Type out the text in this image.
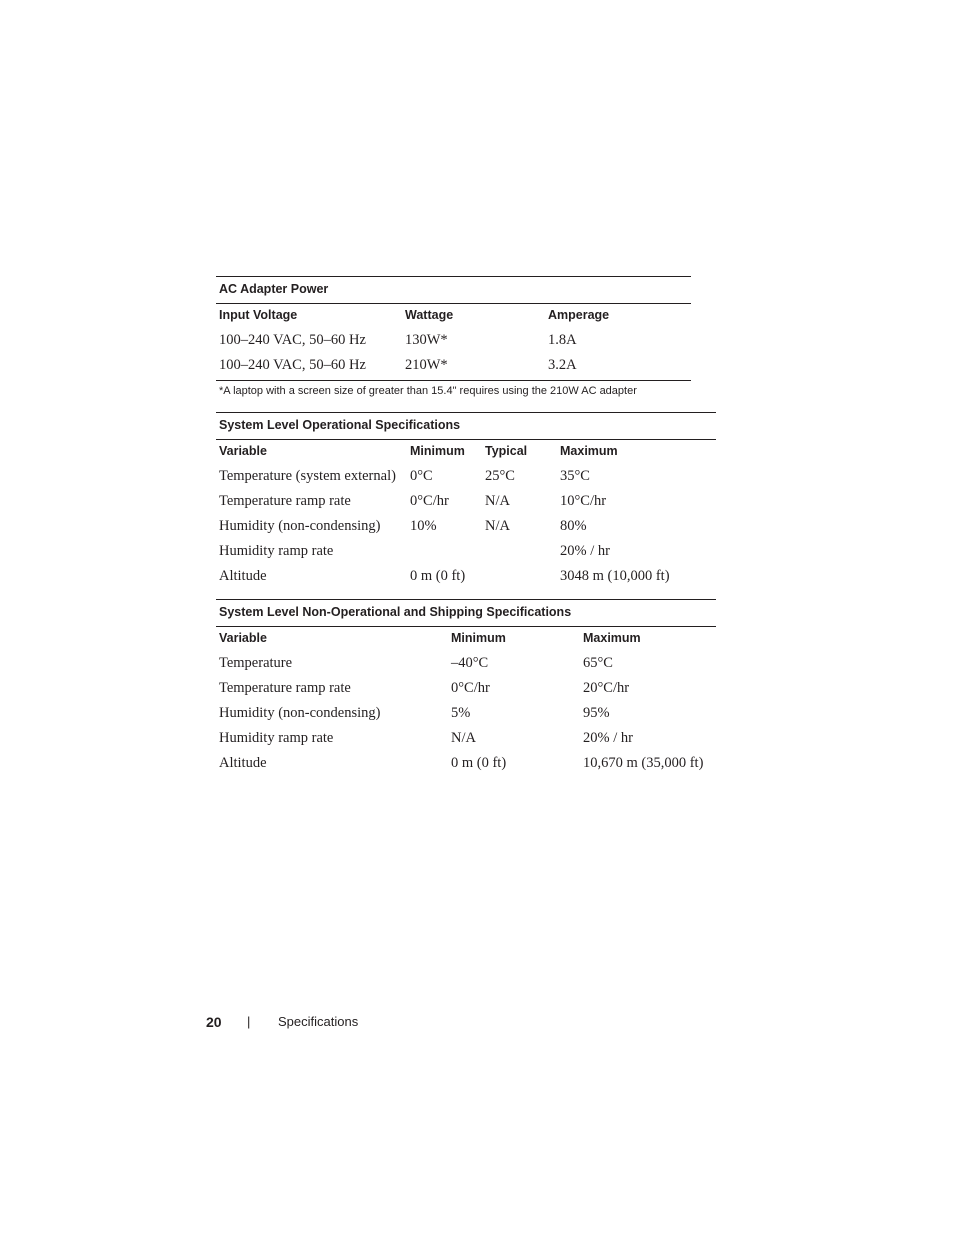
AC Adapter Power		
Input Voltage	Wattage	Amperage
100–240 VAC, 50–60 Hz	130W*	1.8A
100–240 VAC, 50–60 Hz	210W*	3.2A
*A laptop with a screen size of greater than 15.4" requires using the 210W AC adapter		
System Level Operational Specifications			
Variable	Minimum	Typical	Maximum
Temperature (system external)	0°C	25°C	35°C
Temperature ramp rate	0°C/hr	N/A	10°C/hr
Humidity (non-condensing)	10%	N/A	80%
Humidity ramp rate			20% / hr
Altitude	0 m (0 ft)		3048 m (10,000 ft)
System Level Non-Operational and Shipping Specifications		
Variable	Minimum	Maximum
Temperature	–40°C	65°C
Temperature ramp rate	0°C/hr	20°C/hr
Humidity (non-condensing)	5%	95%
Humidity ramp rate	N/A	20% / hr
Altitude	0 m (0 ft)	10,670 m (35,000 ft)
20 | Specifications
